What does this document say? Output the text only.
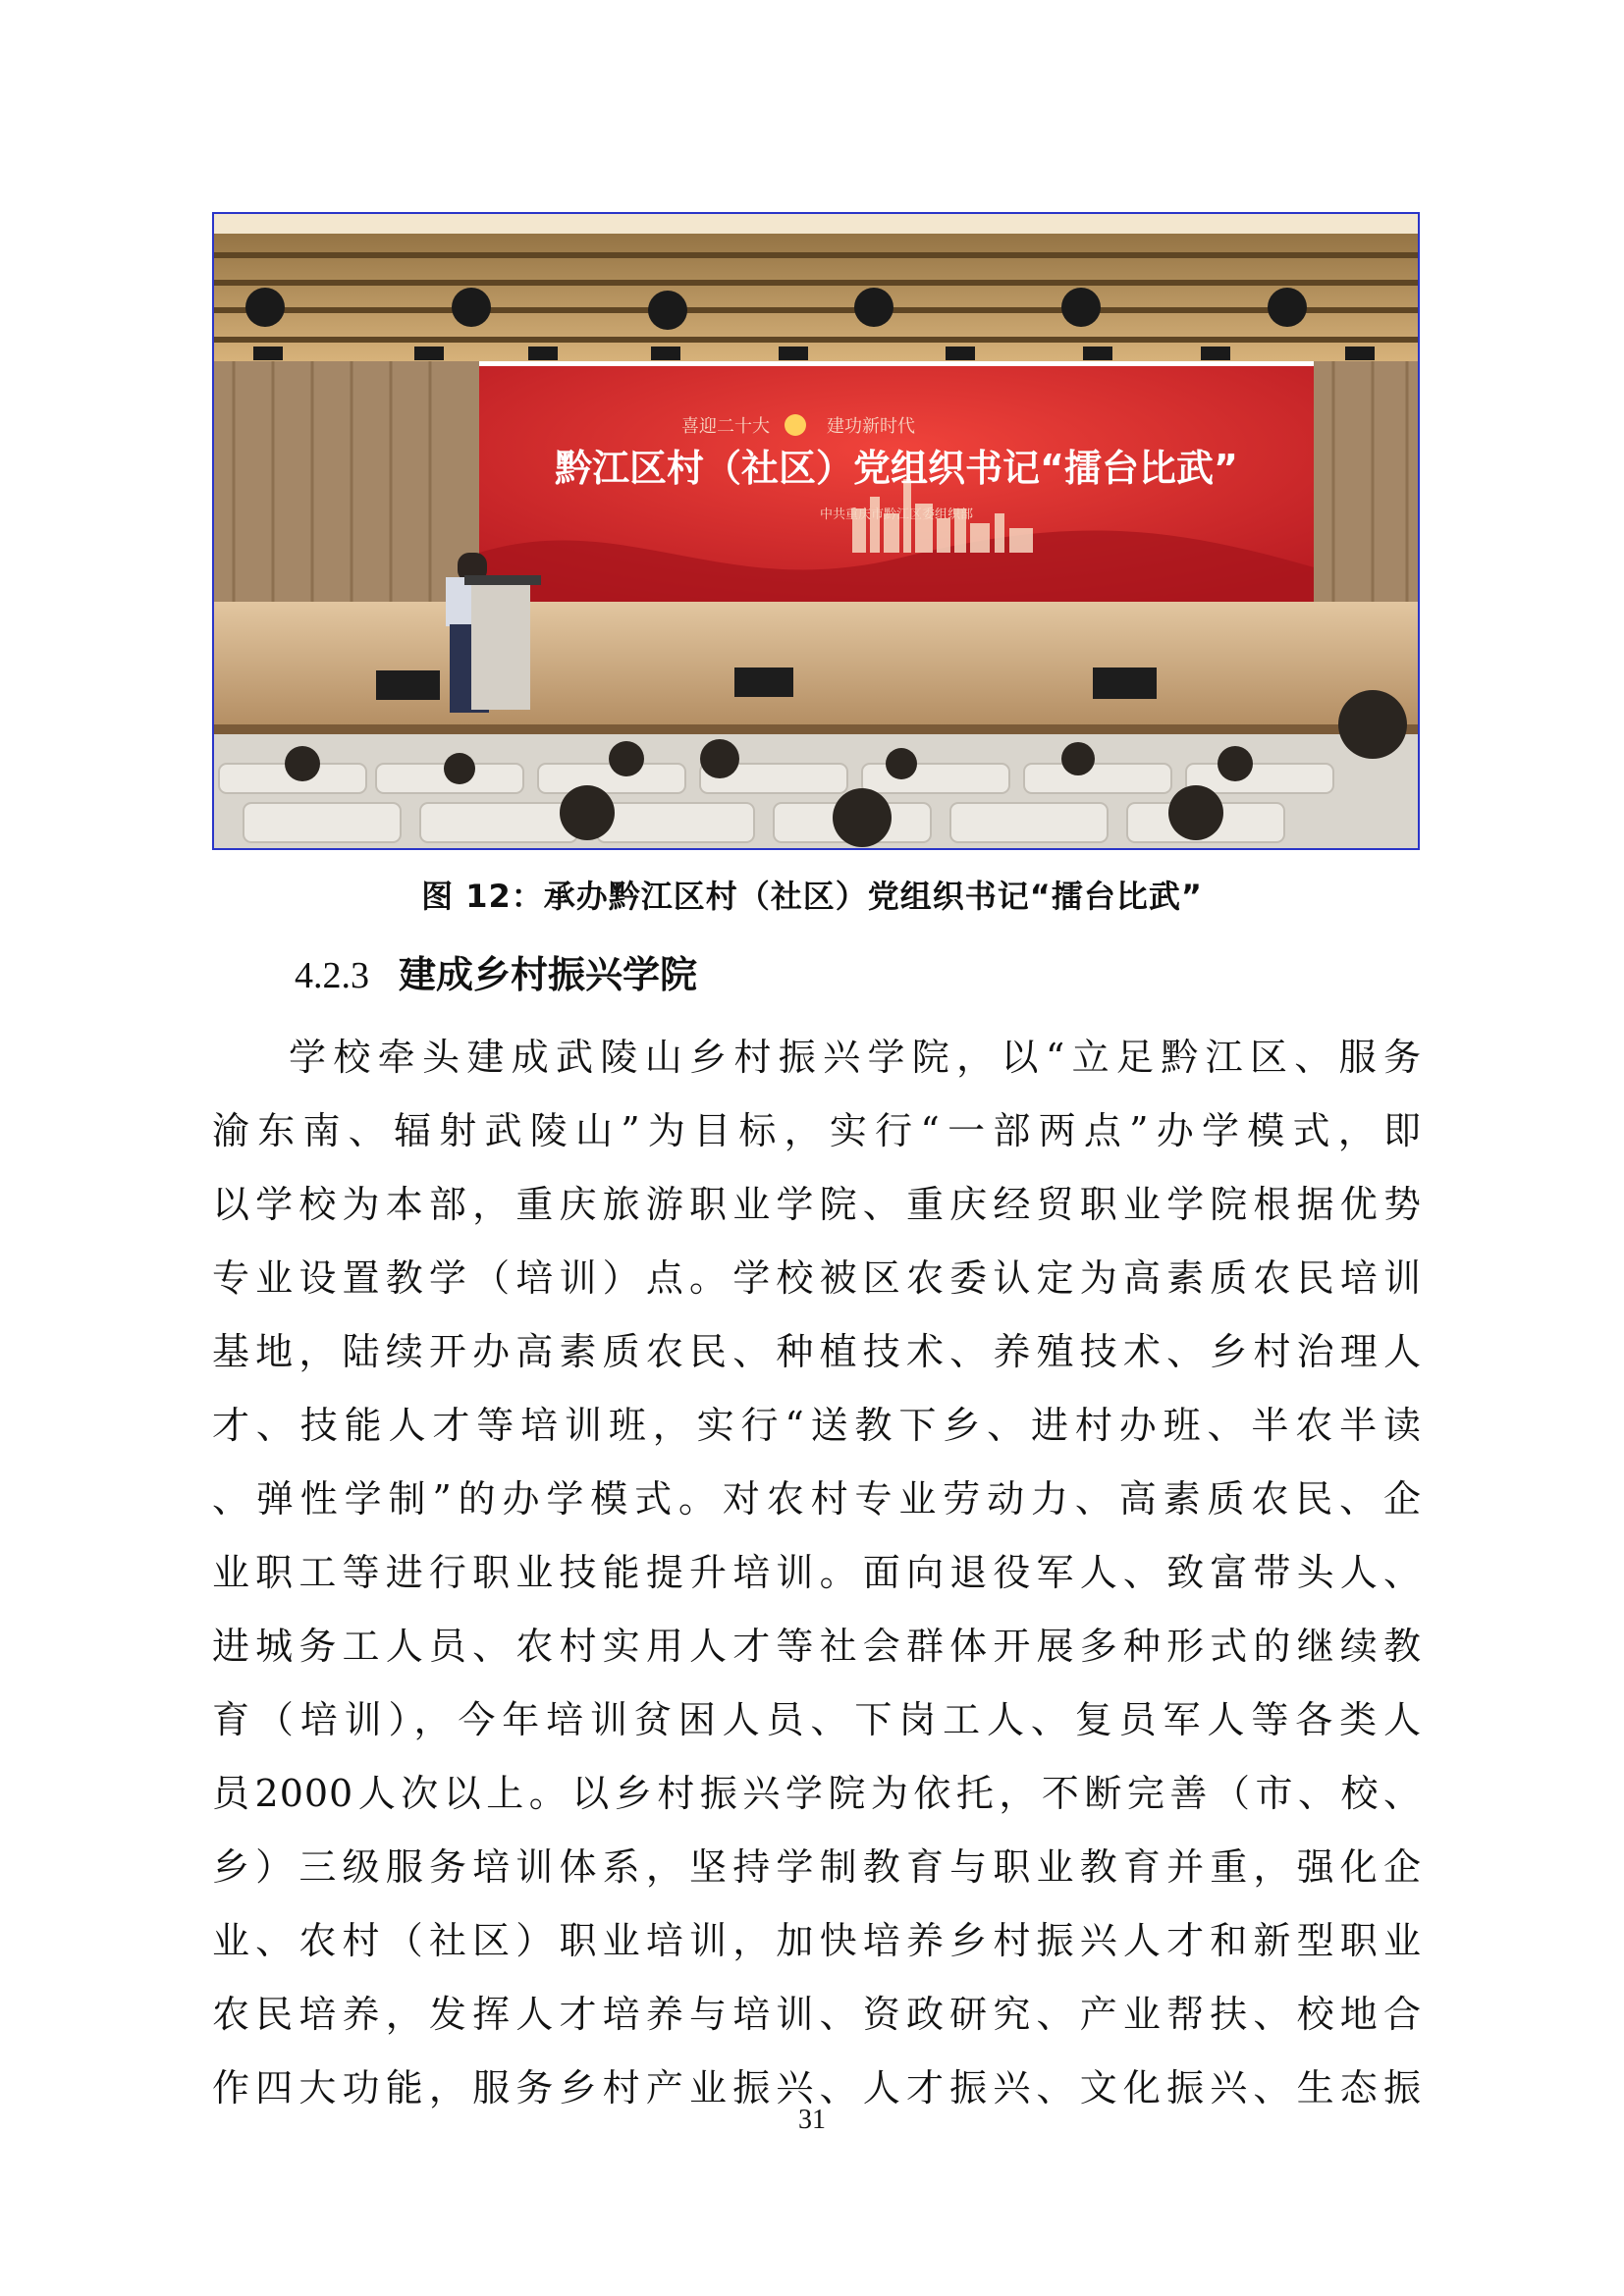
喜迎二十大	建功新时代
黔江区村（社区）党组织书记“擂台比武”
中共重庆市黔江区委组织部
图 12：承办黔江区村（社区）党组织书记“擂台比武”
4.2.3 建成乡村振兴学院
学校牵头建成武陵山乡村振兴学院，以“立足黔江区、服务
渝东南、辐射武陵山”为目标，实行“一部两点”办学模式，即
以学校为本部，重庆旅游职业学院、重庆经贸职业学院根据优势
专业设置教学（培训）点。学校被区农委认定为高素质农民培训
基地，陆续开办高素质农民、种植技术、养殖技术、乡村治理人
才、技能人才等培训班，实行“送教下乡、进村办班、半农半读
、弹性学制”的办学模式。对农村专业劳动力、高素质农民、企
业职工等进行职业技能提升培训。面向退役军人、致富带头人、
进城务工人员、农村实用人才等社会群体开展多种形式的继续教
育（培训），今年培训贫困人员、下岗工人、复员军人等各类人
员2000人次以上。以乡村振兴学院为依托，不断完善（市、校、
乡）三级服务培训体系，坚持学制教育与职业教育并重，强化企
业、农村（社区）职业培训，加快培养乡村振兴人才和新型职业
农民培养，发挥人才培养与培训、资政研究、产业帮扶、校地合
作四大功能，服务乡村产业振兴、人才振兴、文化振兴、生态振
31
